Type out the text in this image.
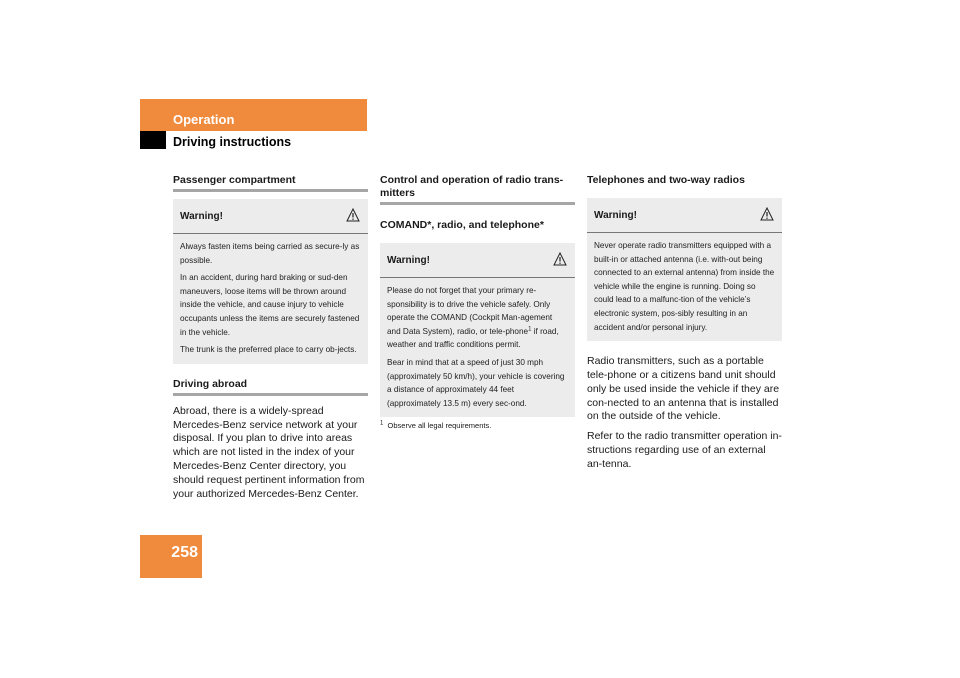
Operation
Driving instructions
Passenger compartment
Warning!

Always fasten items being carried as secure-ly as possible.

In an accident, during hard braking or sud-den maneuvers, loose items will be thrown around inside the vehicle, and cause injury to vehicle occupants unless the items are securely fastened in the vehicle.

The trunk is the preferred place to carry ob-jects.

Driving abroad

Abroad, there is a widely-spread Mercedes-Benz service network at your disposal. If you plan to drive into areas which are not listed in the index of your Mercedes-Benz Center directory, you should request pertinent information from your authorized Mercedes-Benz Center.

Control and operation of radio trans-mitters
COMAND*, radio, and telephone*
Warning!

Please do not forget that your primary re-sponsibility is to drive the vehicle safely. Only operate the COMAND (Cockpit Man-agement and Data System), radio, or tele-phone$^1$ if road, weather and traffic conditions permit.

Bear in mind that at a speed of just 30 mph (approximately 50 km/h), your vehicle is covering a distance of approximately 44 feet (approximately 13.5 m) every sec-ond.

$^1$ Observe all legal requirements.
Telephones and two-way radios
Warning!

Never operate radio transmitters equipped with a built-in or attached antenna (i.e. with-out being connected to an external antenna) from inside the vehicle while the engine is running. Doing so could lead to a malfunc-tion of the vehicle’s electronic system, pos-sibly resulting in an accident and/or personal injury.

Radio transmitters, such as a portable tele-phone or a citizens band unit should only be used inside the vehicle if they are con-nected to an antenna that is installed on the outside of the vehicle.

Refer to the radio transmitter operation in-structions regarding use of an external an-tenna.

258
